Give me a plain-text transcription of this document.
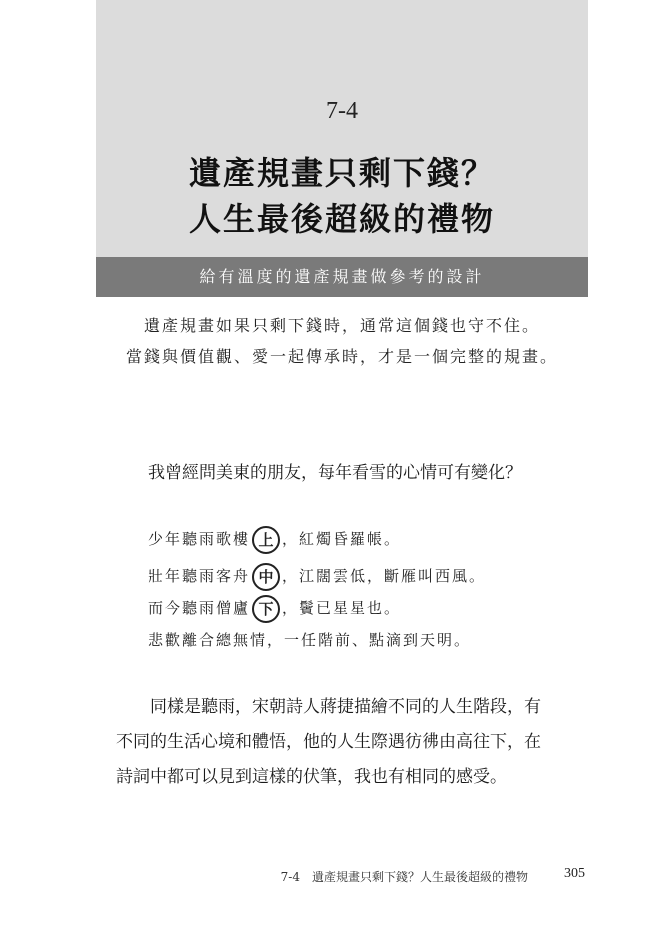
7-4
遺產規畫只剩下錢？
人生最後超級的禮物
給有溫度的遺產規畫做參考的設計
遺產規畫如果只剩下錢時，通常這個錢也守不住。
當錢與價值觀、愛一起傳承時，才是一個完整的規畫。
我曾經問美東的朋友，每年看雪的心情可有變化？
少年聽雨歌樓 上 ，紅燭昏羅帳。
壯年聽雨客舟 中 ，江闊雲低，斷雁叫西風。
而今聽雨僧廬 下 ，鬢已星星也。
悲歡離合總無情，一任階前、點滴到天明。

同樣是聽雨，宋朝詩人蔣捷描繪不同的人生階段，有

不同的生活心境和體悟，他的人生際遇彷彿由高往下，在

詩詞中都可以見到這樣的伏筆，我也有相同的感受。

7-4　遺產規畫只剩下錢？人生最後超級的禮物	305
